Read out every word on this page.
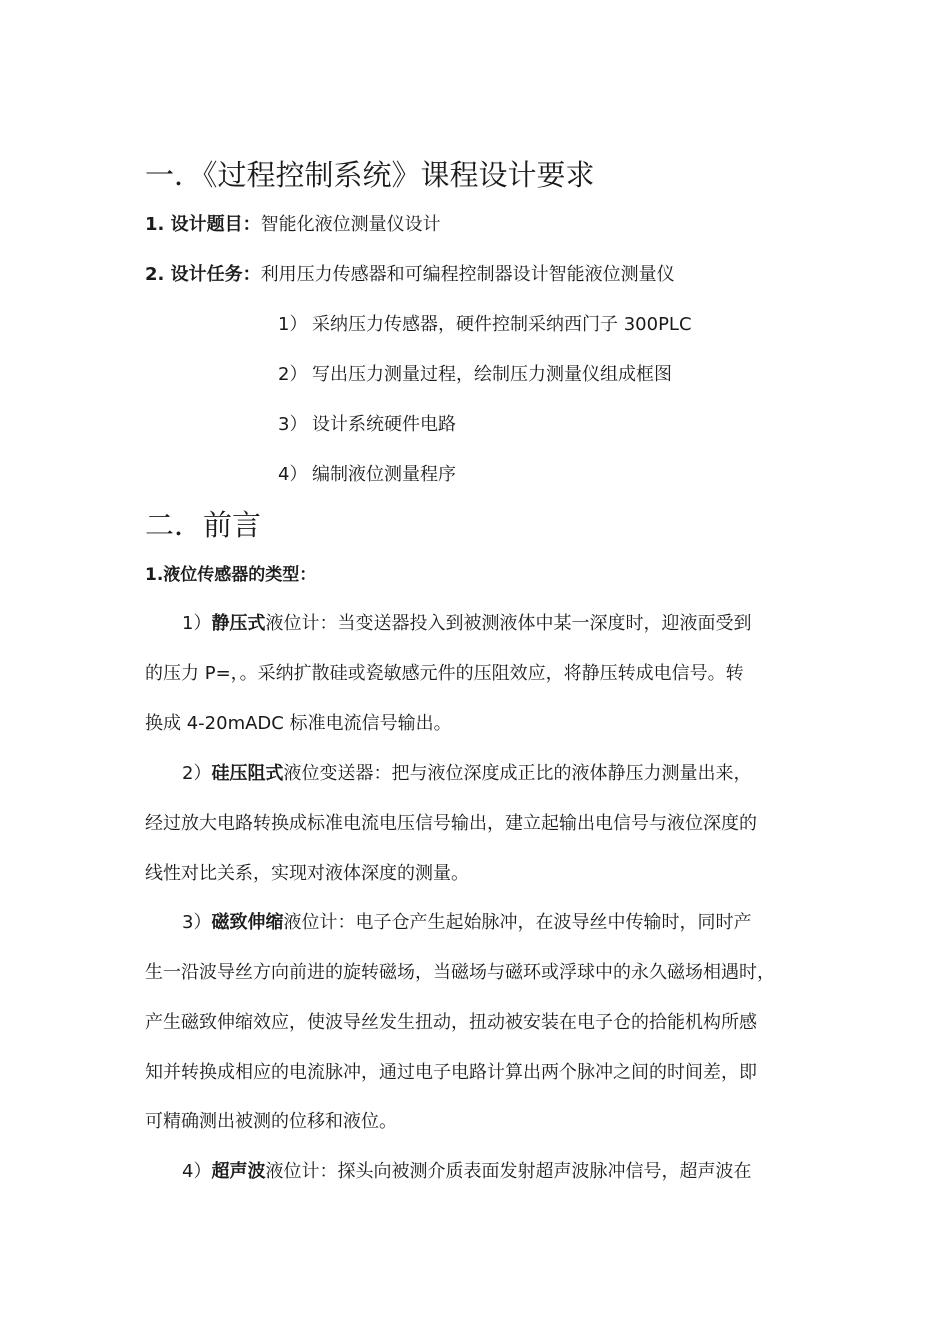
一．《过程控制系统》课程设计要求
1. 设计题目：智能化液位测量仪设计
2. 设计任务：利用压力传感器和可编程控制器设计智能液位测量仪
1） 采纳压力传感器，硬件控制采纳西门子 300PLC
2） 写出压力测量过程，绘制压力测量仪组成框图
3） 设计系统硬件电路
4） 编制液位测量程序
二．前言
1.液位传感器的类型：
1）静压式液位计：当变送器投入到被测液体中某一深度时，迎液面受到
的压力 P=，。采纳扩散硅或瓷敏感元件的压阻效应，将静压转成电信号。转
换成 4-20mADC 标准电流信号输出。
2）硅压阻式液位变送器：把与液位深度成正比的液体静压力测量出来，
经过放大电路转换成标准电流电压信号输出，建立起输出电信号与液位深度的
线性对比关系，实现对液体深度的测量。
3）磁致伸缩液位计：电子仓产生起始脉冲，在波导丝中传输时，同时产
生一沿波导丝方向前进的旋转磁场，当磁场与磁环或浮球中的永久磁场相遇时，
产生磁致伸缩效应，使波导丝发生扭动，扭动被安装在电子仓的拾能机构所感
知并转换成相应的电流脉冲，通过电子电路计算出两个脉冲之间的时间差，即
可精确测出被测的位移和液位。
4）超声波液位计：探头向被测介质表面发射超声波脉冲信号，超声波在
